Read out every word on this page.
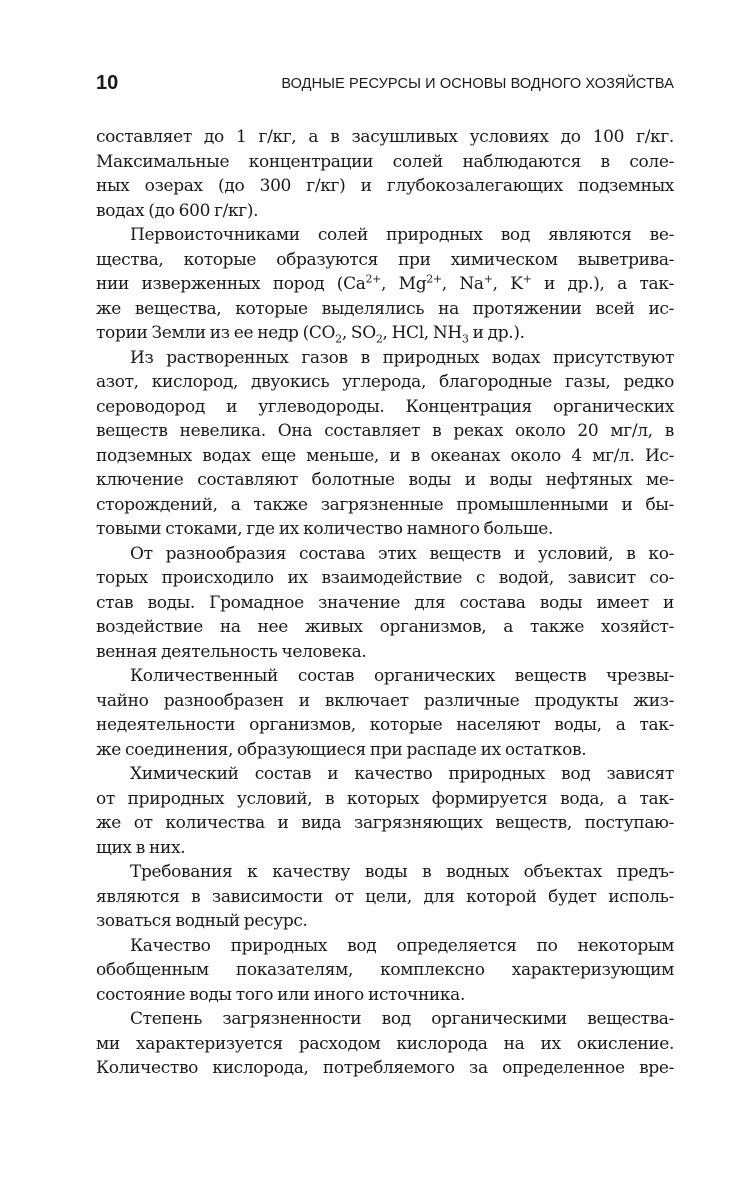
10	ВОДНЫЕ РЕСУРСЫ И ОСНОВЫ ВОДНОГО ХОЗЯЙСТВА
составляет до 1 г/кг, а в засушливых условиях до 100 г/кг.
Максимальные концентрации солей наблюдаются в соле-
ных озерах (до 300 г/кг) и глубокозалегающих подземных
водах (до 600 г/кг).
Первоисточниками солей природных вод являются ве-
щества, которые образуются при химическом выветрива-
нии изверженных пород ($Ca^{2+}$, $Mg^{2+}$, Na+, K+ и др.), а так-
же вещества, которые выделялись на протяжении всей ис-
тории Земли из ее недр ($CO_2$, $SO_2$, HCl, $NH_3$ и др.).
Из растворенных газов в природных водах присутствуют
азот, кислород, двуокись углерода, благородные газы, редко
сероводород и углеводороды. Концентрация органических
веществ невелика. Она составляет в реках около 20 мг/л, в
подземных водах еще меньше, и в океанах около 4 мг/л. Ис-
ключение составляют болотные воды и воды нефтяных ме-
сторождений, а также загрязненные промышленными и бы-
товыми стоками, где их количество намного больше.
От разнообразия состава этих веществ и условий, в ко-
торых происходило их взаимодействие с водой, зависит со-
став воды. Громадное значение для состава воды имеет и
воздействие на нее живых организмов, а также хозяйст-
венная деятельность человека.
Количественный состав органических веществ чрезвы-
чайно разнообразен и включает различные продукты жиз-
недеятельности организмов, которые населяют воды, а так-
же соединения, образующиеся при распаде их остатков.
Химический состав и качество природных вод зависят
от природных условий, в которых формируется вода, а так-
же от количества и вида загрязняющих веществ, поступаю-
щих в них.
Требования к качеству воды в водных объектах предъ-
являются в зависимости от цели, для которой будет исполь-
зоваться водный ресурс.
Качество природных вод определяется по некоторым
обобщенным показателям, комплексно характеризующим
состояние воды того или иного источника.
Степень загрязненности вод органическими вещества-
ми характеризуется расходом кислорода на их окисление.
Количество кислорода, потребляемого за определенное вре-
